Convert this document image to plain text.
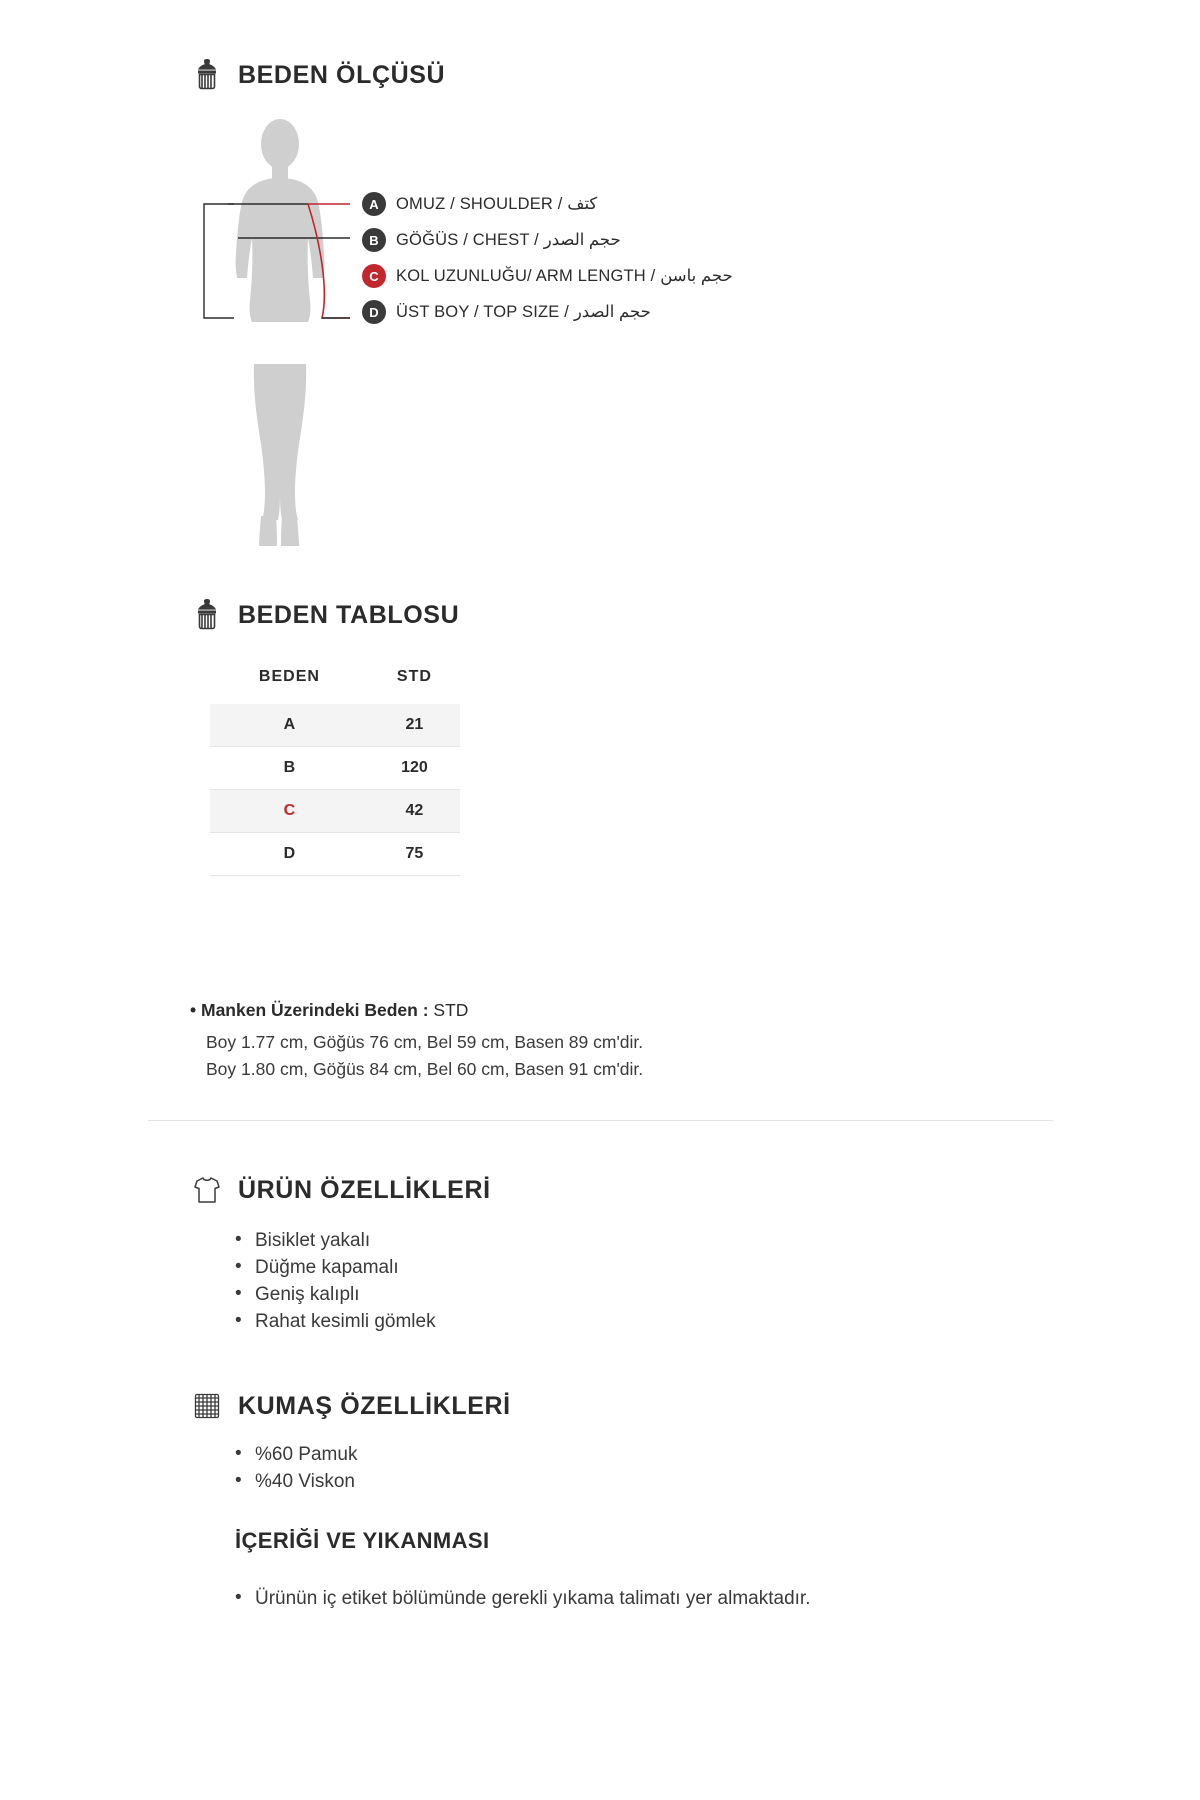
BEDEN ÖLÇÜSÜ
A	OMUZ / SHOULDER / كتف
B	GÖĞÜS / CHEST / حجم الصدر
C	KOL UZUNLUĞU/ ARM LENGTH / حجم باسن
D	ÜST BOY / TOP SIZE / حجم الصدر
BEDEN TABLOSU
BEDEN	STD
A	21
B	120
C	42
D	75
• Manken Üzerindeki Beden : STD
Boy 1.77 cm, Göğüs 76 cm, Bel 59 cm, Basen 89 cm'dir.
Boy 1.80 cm, Göğüs 84 cm, Bel 60 cm, Basen 91 cm'dir.
ÜRÜN ÖZELLİKLERİ
• Bisiklet yakalı
• Düğme kapamalı
• Geniş kalıplı
• Rahat kesimli gömlek
KUMAŞ ÖZELLİKLERİ
• %60 Pamuk
• %40 Viskon
İÇERİĞİ VE YIKANMASI
• Ürünün iç etiket bölümünde gerekli yıkama talimatı yer almaktadır.
